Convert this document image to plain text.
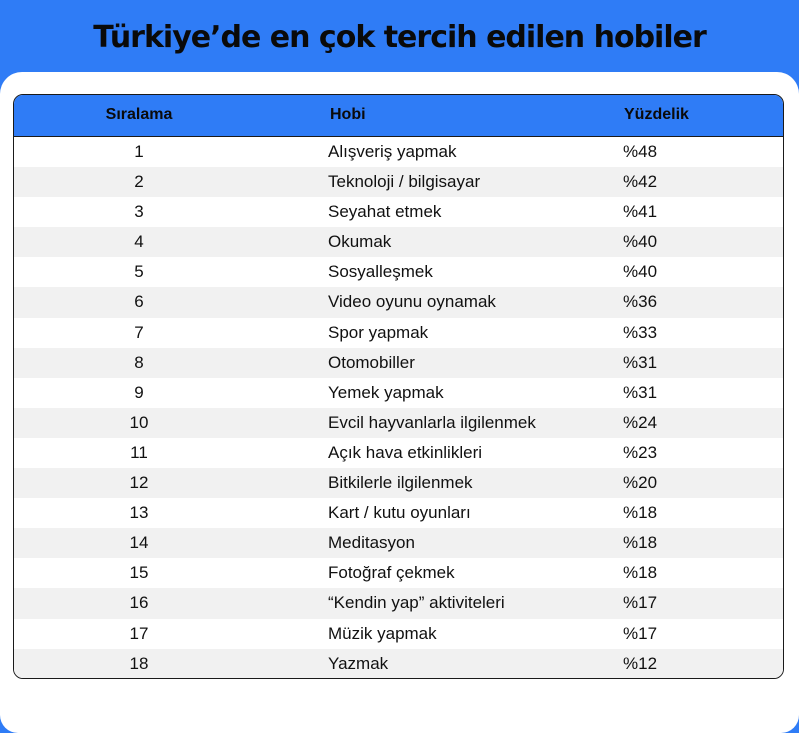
Türkiye’de en çok tercih edilen hobiler
Sıralama	Hobi	Yüzdelik
1	Alışveriş yapmak	%48
2	Teknoloji / bilgisayar	%42
3	Seyahat etmek	%41
4	Okumak	%40
5	Sosyalleşmek	%40
6	Video oyunu oynamak	%36
7	Spor yapmak	%33
8	Otomobiller	%31
9	Yemek yapmak	%31
10	Evcil hayvanlarla ilgilenmek	%24
11	Açık hava etkinlikleri	%23
12	Bitkilerle ilgilenmek	%20
13	Kart / kutu oyunları	%18
14	Meditasyon	%18
15	Fotoğraf çekmek	%18
16	“Kendin yap” aktiviteleri	%17
17	Müzik yapmak	%17
18	Yazmak	%12
